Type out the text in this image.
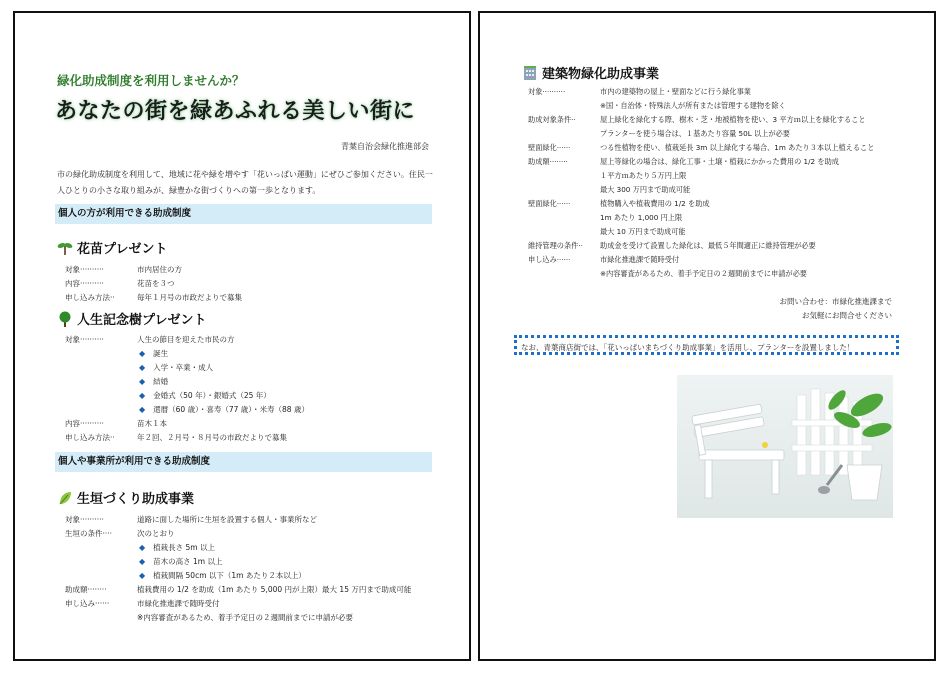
緑化助成制度を利用しませんか？
あなたの街を緑あふれる美しい街に
青葉自治会緑化推進部会
市の緑化助成制度を利用して、地域に花や緑を増やす「花いっぱい運動」にぜひご参加ください。住民一
人ひとりの小さな取り組みが、緑豊かな街づくりへの第一歩となります。
個人の方が利用できる助成制度
花苗プレゼント
対象··········	市内居住の方
内容··········	花苗を３つ
申し込み方法··	毎年１月号の市政だよりで募集
人生記念樹プレゼント
対象··········	人生の節目を迎えた市民の方
◆ 誕生
◆ 入学・卒業・成人
◆ 結婚
◆ 金婚式（50 年）・銀婚式（25 年）
◆ 還暦（60 歳）・喜寿（77 歳）・米寿（88 歳）
内容··········	苗木１本
申し込み方法··	年２回、２月号・８月号の市政だよりで募集
個人や事業所が利用できる助成制度
生垣づくり助成事業
対象··········	道路に面した場所に生垣を設置する個人・事業所など
生垣の条件····	次のとおり
◆ 植栽長さ 5m 以上
◆ 苗木の高さ 1m 以上
◆ 植栽間隔 50cm 以下（1m あたり２本以上）
助成額········	植栽費用の 1/2 を助成（1m あたり 5,000 円が上限）最大 15 万円まで助成可能
申し込み······	市緑化推進課で随時受付
※内容審査があるため、着手予定日の２週間前までに申請が必要
建築物緑化助成事業
対象··········	市内の建築物の屋上・壁面などに行う緑化事業
※国・自治体・特殊法人が所有または管理する建物を除く
助成対象条件··	屋上緑化を緑化する際、樹木・芝・地被植物を使い、3 平方ｍ以上を緑化すること
プランターを使う場合は、１基あたり容量 50L 以上が必要
壁面緑化······	つる性植物を使い、植栽延長 3m 以上緑化する場合、1m あたり３本以上植えること
助成額········	屋上等緑化の場合は、緑化工事・土壌・植栽にかかった費用の 1/2 を助成
１平方ｍあたり５万円上限
最大 300 万円まで助成可能
壁面緑化······	植物購入や植栽費用の 1/2 を助成
1m あたり 1,000 円上限
最大 10 万円まで助成可能
維持管理の条件··	助成金を受けて設置した緑化は、最低５年間適正に維持管理が必要
申し込み······	市緑化推進課で随時受付
※内容審査があるため、着手予定日の２週間前までに申請が必要
お問い合わせ：市緑化推進課まで
お気軽にお問合せください
なお、青葉商店街では、「花いっぱいまちづくり助成事業」を活用し、プランターを設置しました！
